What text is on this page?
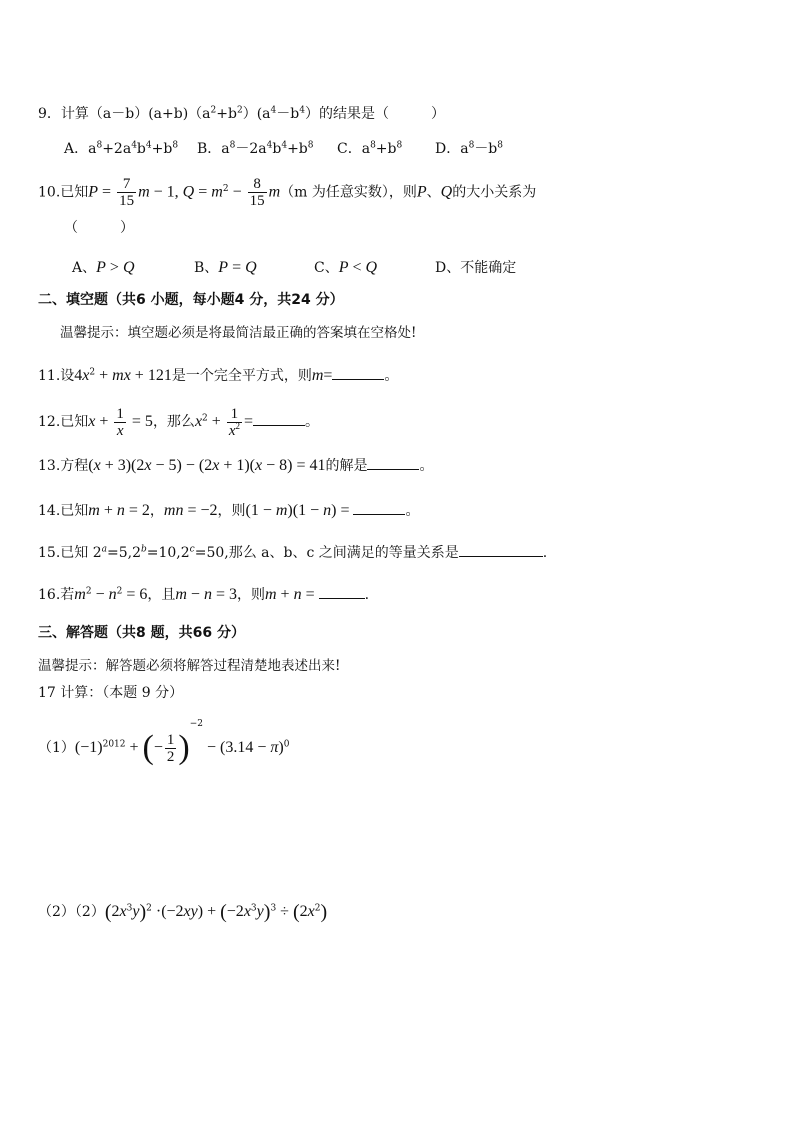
9．计算$(a-b)(a+b)(a^2+b^2)(a^4-b^4)$的结果是（　　　）
A．$a^8+2a^4b^4+b^8$ B．$a^8-2a^4b^4+b^8$ C．$a^8+b^8$ D．$a^8-b^8$
10.已知$P = \frac{7}{15}$ m − 1, $Q = m^2 - \frac{8}{15} m(m$ 为任意实数），则P、Q的大小关系为
（　　　）
A、P > Q	B、P = Q	C、P < Q	D、不能确定
二、填空题（共6 小题，每小题4 分，共24 分）
温馨提示：填空题必须是将最简洁最正确的答案填在空格处!
11.设$4x^2$ + mx + 121是一个完全平方式，则m=	。
12.已知$x + \frac{1}{x} = 5$，那么$x^2 + \frac{1}{x^2}$ =	。
13.方程(x + 3)(2x − 5) − (2x + 1)(x − 8) = 41的解是	。
14.已知m + n = 2，mn = −2，则(1 − m)(1 − n) =	。
15.已知 $2^a=5,2^b=10,2^c=50$,那么 a、b、c 之间满足的等量关系是	.
16.若$m^2 - n^2 = 6$，且m − n = 3，则m + n =	.
三、解答题（共8 题，共66 分）
温馨提示：解答题必须将解答过程清楚地表述出来!
17 计算：（本题 9 分）
$(1)(-1)^{2012}$ + (− $\frac{1}{2} )^{-2} - (3.14 - \pi)^0$
$(2)(2)(2x^3y)^2 \cdot(-2xy) + (-2x^3y)^3 \div (2x^2)$
